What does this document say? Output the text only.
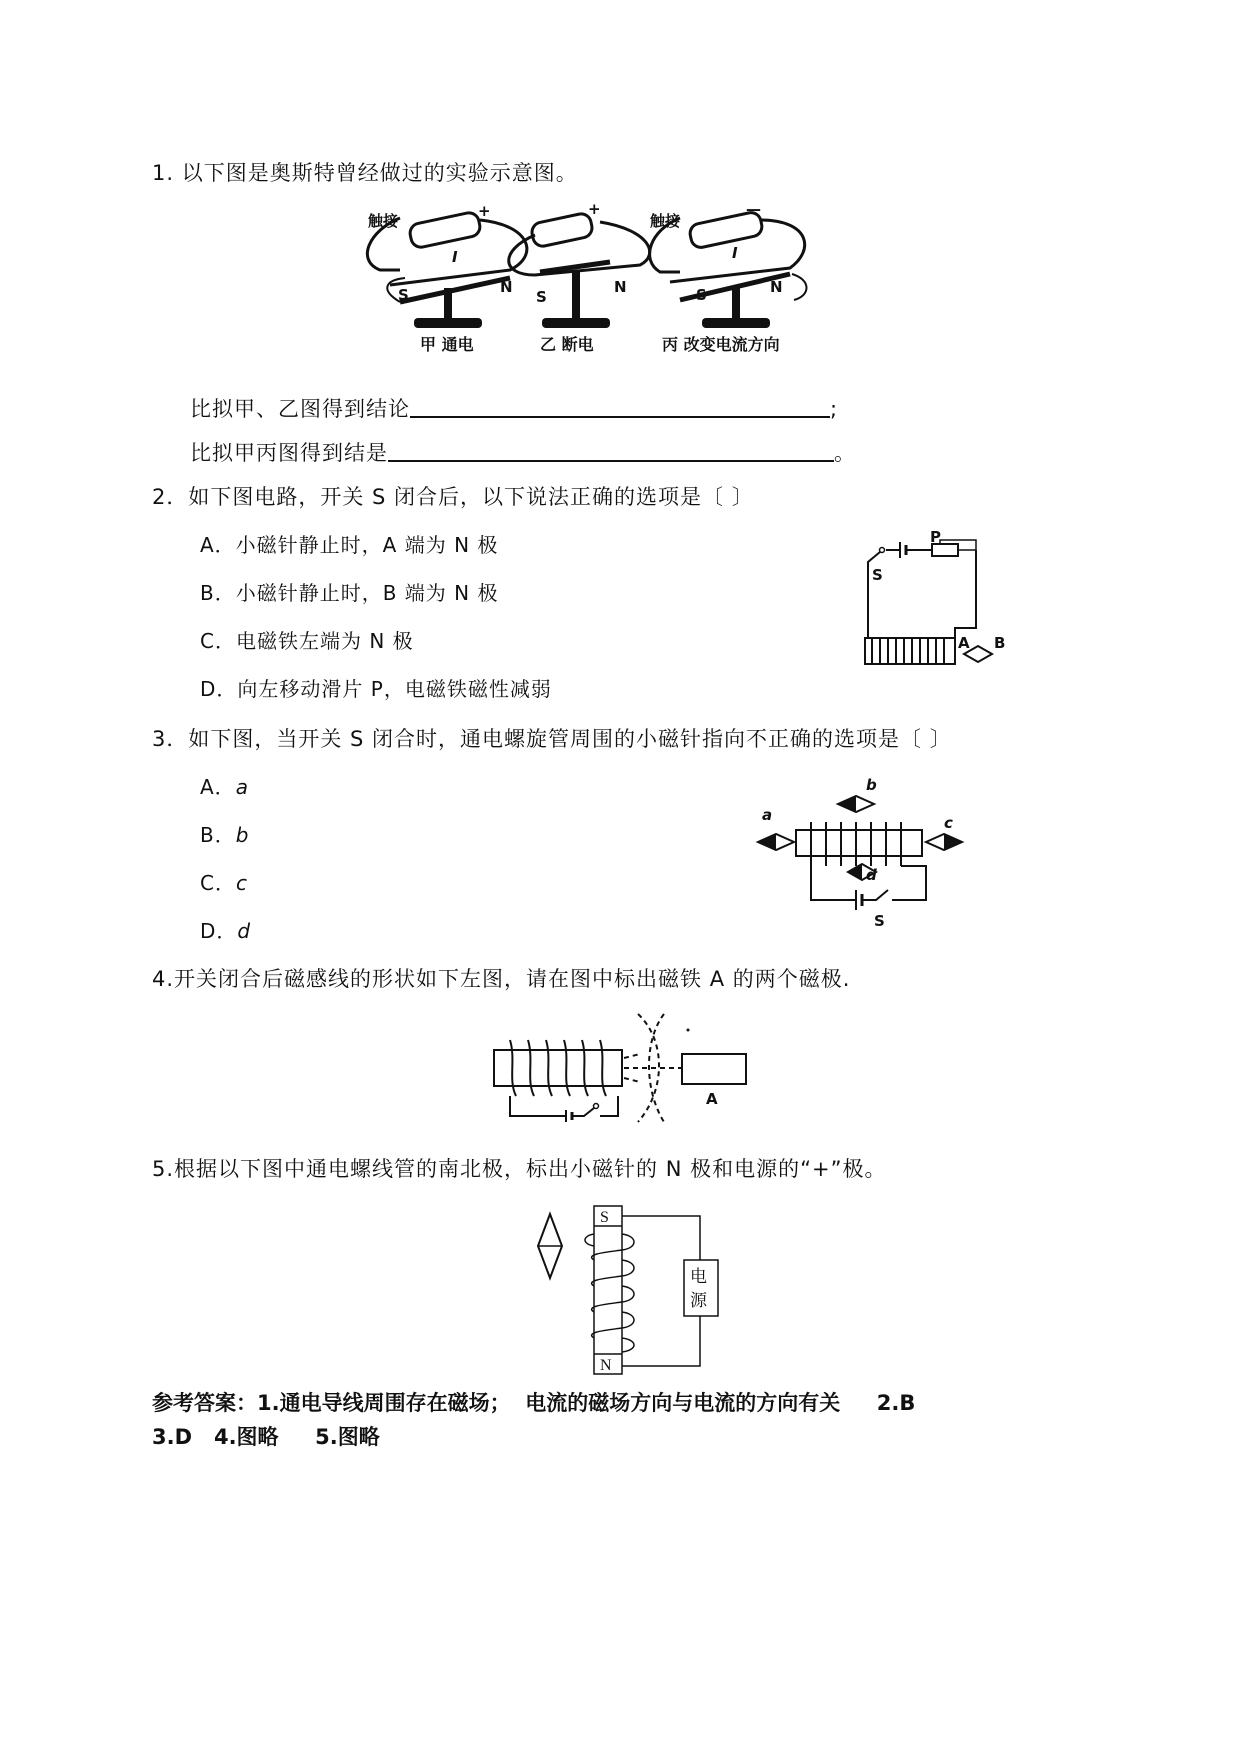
1. 以下图是奥斯特曾经做过的实验示意图。
触接
+
I
S	N
甲 通电
+
S
N
乙 断电
触接
—
I
S	N
丙 改变电流方向
比拟甲、乙图得到结论	;
比拟甲丙图得到结是	。
2．如下图电路，开关 S 闭合后，以下说法正确的选项是〔 〕
A．小磁针静止时，A 端为 N 极
B．小磁针静止时，B 端为 N 极
C．电磁铁左端为 N 极
D．向左移动滑片 P，电磁铁磁性减弱
S
P
A B
3．如下图，当开关 S 闭合时，通电螺旋管周围的小磁针指向不正确的选项是〔 〕
A．a
B．b
C．c
D．d
a
b
c
d
S
4.开关闭合后磁感线的形状如下左图，请在图中标出磁铁 A 的两个磁极.
A
5.根据以下图中通电螺线管的南北极，标出小磁针的 N 极和电源的“+”极。
S
N
电
源
参考答案：1.通电导线周围存在磁场；  电流的磁场方向与电流的方向有关     2.B
3.D   4.图略     5.图略
